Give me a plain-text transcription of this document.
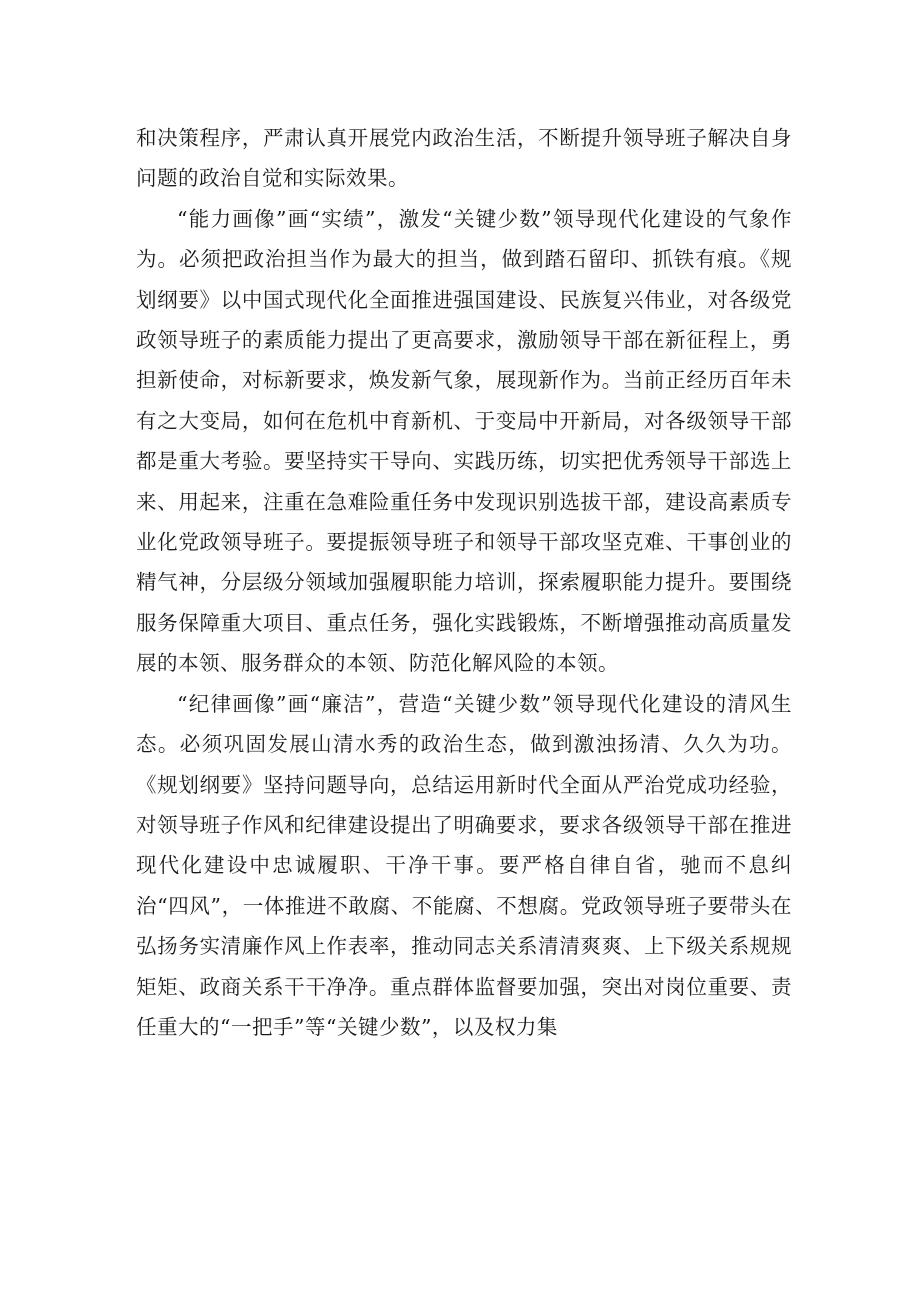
和决策程序，严肃认真开展党内政治生活，不断提升领导班子解决自身问题的政治自觉和实际效果。

“能力画像”画“实绩”，激发“关键少数”领导现代化建设的气象作为。必须把政治担当作为最大的担当，做到踏石留印、抓铁有痕。《规划纲要》以中国式现代化全面推进强国建设、民族复兴伟业，对各级党政领导班子的素质能力提出了更高要求，激励领导干部在新征程上，勇担新使命，对标新要求，焕发新气象，展现新作为。当前正经历百年未有之大变局，如何在危机中育新机、于变局中开新局，对各级领导干部都是重大考验。要坚持实干导向、实践历练，切实把优秀领导干部选上来、用起来，注重在急难险重任务中发现识别选拔干部，建设高素质专业化党政领导班子。要提振领导班子和领导干部攻坚克难、干事创业的精气神，分层级分领域加强履职能力培训，探索履职能力提升。要围绕服务保障重大项目、重点任务，强化实践锻炼，不断增强推动高质量发展的本领、服务群众的本领、防范化解风险的本领。

“纪律画像”画“廉洁”，营造“关键少数”领导现代化建设的清风生态。必须巩固发展山清水秀的政治生态，做到激浊扬清、久久为功。《规划纲要》坚持问题导向，总结运用新时代全面从严治党成功经验，对领导班子作风和纪律建设提出了明确要求，要求各级领导干部在推进现代化建设中忠诚履职、干净干事。要严格自律自省，驰而不息纠治“四风”，一体推进不敢腐、不能腐、不想腐。党政领导班子要带头在弘扬务实清廉作风上作表率，推动同志关系清清爽爽、上下级关系规规矩矩、政商关系干干净净。重点群体监督要加强，突出对岗位重要、责任重大的“一把手”等“关键少数”，以及权力集
